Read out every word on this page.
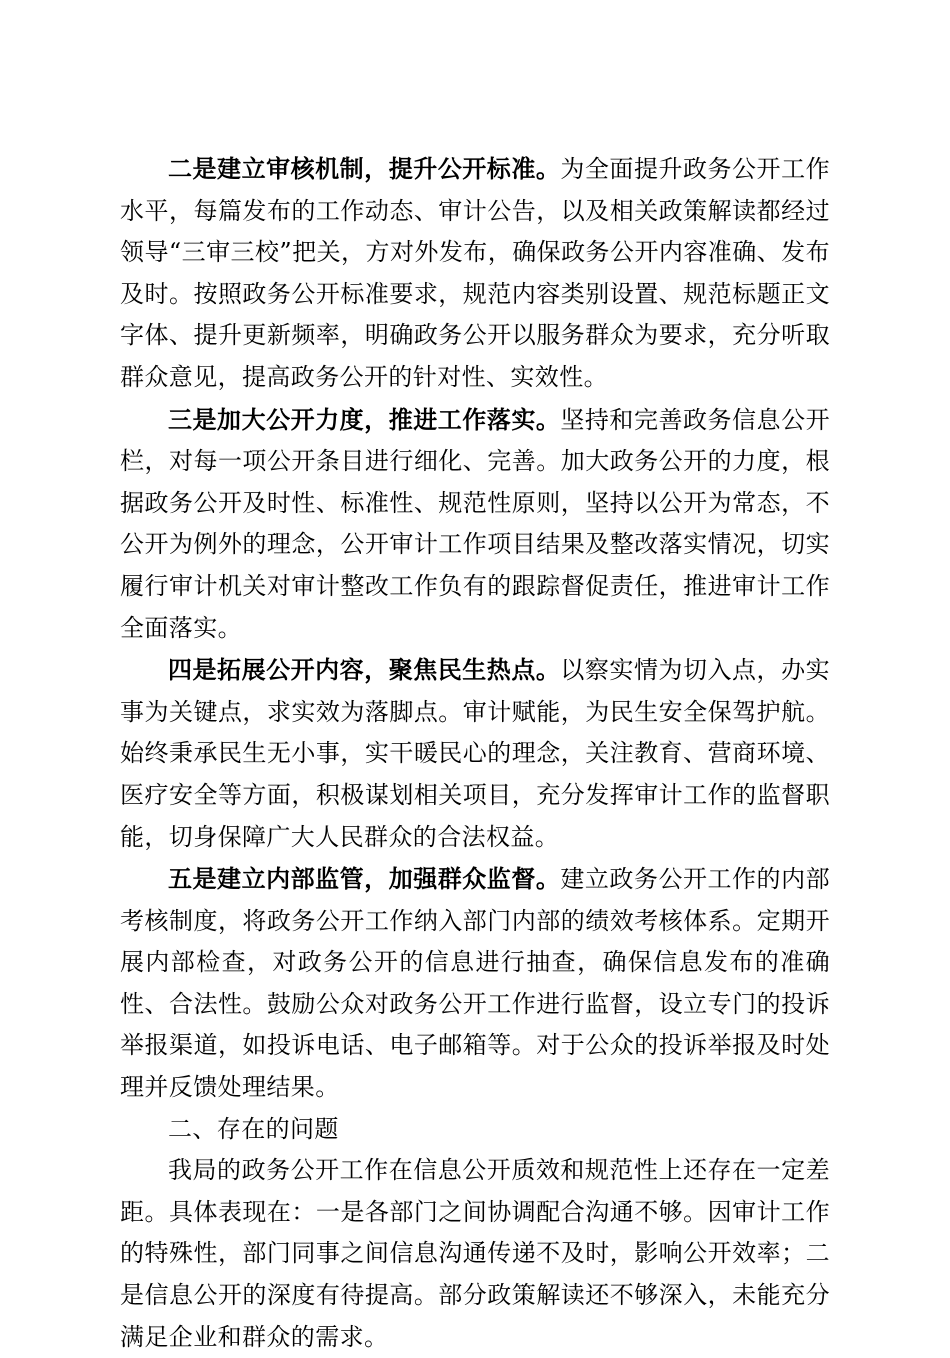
二是建立审核机制，提升公开标准。为全面提升政务公开工作水平，每篇发布的工作动态、审计公告，以及相关政策解读都经过领导“三审三校”把关，方对外发布，确保政务公开内容准确、发布及时。按照政务公开标准要求，规范内容类别设置、规范标题正文字体、提升更新频率，明确政务公开以服务群众为要求，充分听取群众意见，提高政务公开的针对性、实效性。

三是加大公开力度，推进工作落实。坚持和完善政务信息公开栏，对每一项公开条目进行细化、完善。加大政务公开的力度，根据政务公开及时性、标准性、规范性原则，坚持以公开为常态，不公开为例外的理念，公开审计工作项目结果及整改落实情况，切实履行审计机关对审计整改工作负有的跟踪督促责任，推进审计工作全面落实。

四是拓展公开内容，聚焦民生热点。以察实情为切入点，办实事为关键点，求实效为落脚点。审计赋能，为民生安全保驾护航。始终秉承民生无小事，实干暖民心的理念，关注教育、营商环境、医疗安全等方面，积极谋划相关项目，充分发挥审计工作的监督职能，切身保障广大人民群众的合法权益。

五是建立内部监管，加强群众监督。建立政务公开工作的内部考核制度，将政务公开工作纳入部门内部的绩效考核体系。定期开展内部检查，对政务公开的信息进行抽查，确保信息发布的准确性、合法性。鼓励公众对政务公开工作进行监督，设立专门的投诉举报渠道，如投诉电话、电子邮箱等。对于公众的投诉举报及时处理并反馈处理结果。

二、存在的问题

我局的政务公开工作在信息公开质效和规范性上还存在一定差距。具体表现在：一是各部门之间协调配合沟通不够。因审计工作的特殊性，部门同事之间信息沟通传递不及时，影响公开效率；二是信息公开的深度有待提高。部分政策解读还不够深入，未能充分满足企业和群众的需求。
